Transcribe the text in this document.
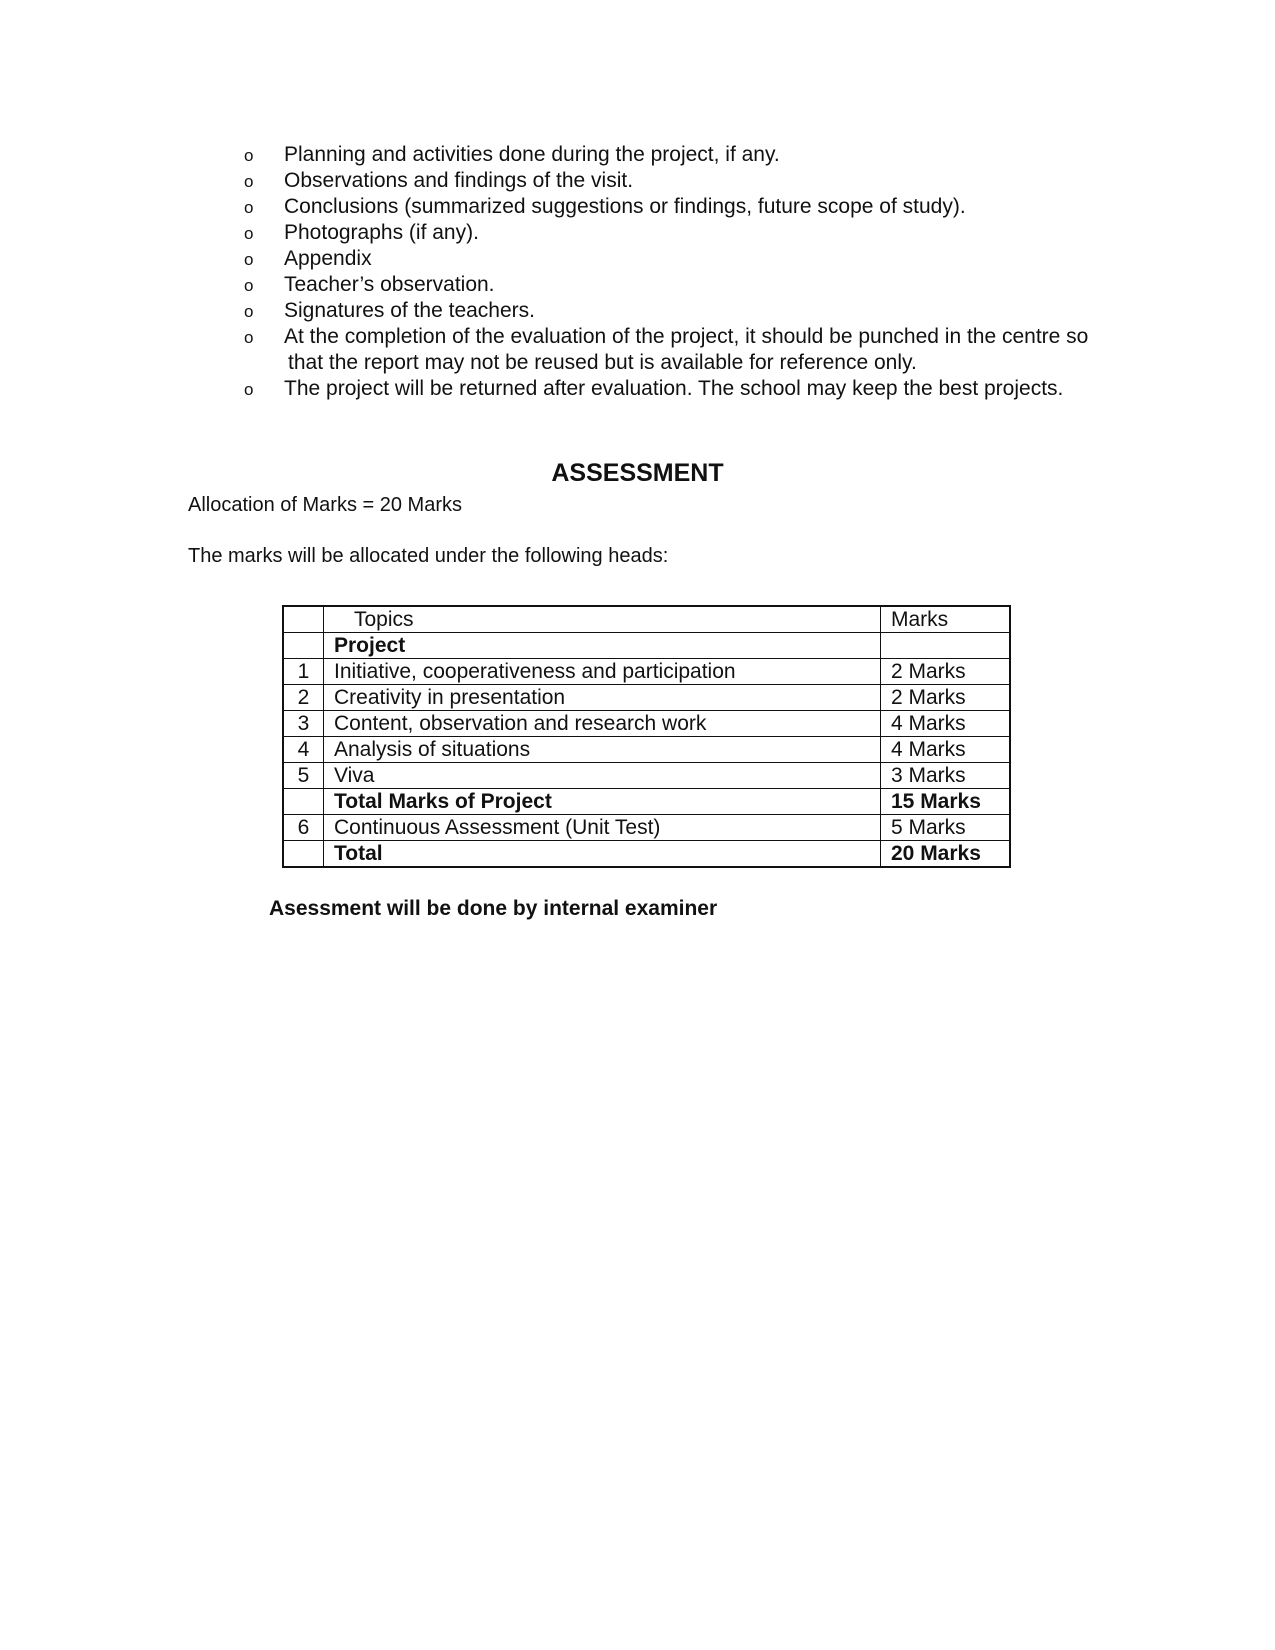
o Planning and activities done during the project, if any.
o Observations and findings of the visit.
o Conclusions (summarized suggestions or findings, future scope of study).
o Photographs (if any).
o Appendix
o Teacher’s observation.
o Signatures of the teachers.
o At the completion of the evaluation of the project, it should be punched in the centre so that the report may not be reused but is available for reference only.
o The project will be returned after evaluation. The school may keep the best projects.
ASSESSMENT

Allocation of Marks = 20 Marks

The marks will be allocated under the following heads:

	Topics	Marks
	Project	
1	Initiative, cooperativeness and participation	2 Marks
2	Creativity in presentation	2 Marks
3	Content, observation and research work	4 Marks
4	Analysis of situations	4 Marks
5	Viva	3 Marks
	Total Marks of Project	15 Marks
6	Continuous Assessment (Unit Test)	5 Marks
	Total	20 Marks

Asessment will be done by internal examiner
